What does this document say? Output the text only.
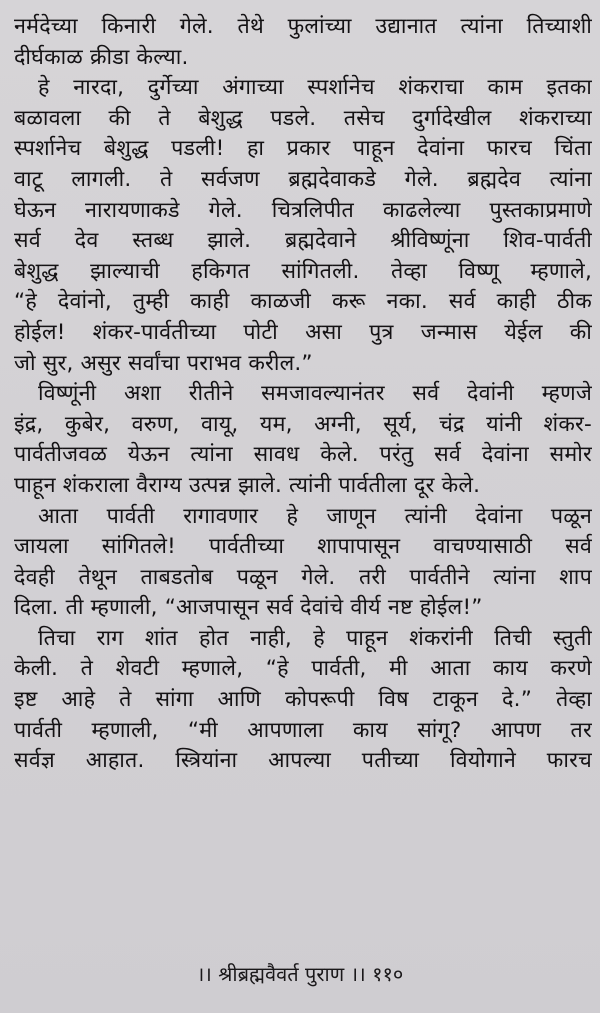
नर्मदेच्या किनारी गेले. तेथे फुलांच्या उद्यानात त्यांना तिच्याशी
दीर्घकाळ क्रीडा केल्या.
हे नारदा, दुर्गेच्या अंगाच्या स्पर्शानेच शंकराचा काम इतका
बळावला की ते बेशुद्ध पडले. तसेच दुर्गादेखील शंकराच्या
स्पर्शानेच बेशुद्ध पडली! हा प्रकार पाहून देवांना फारच चिंता
वाटू लागली. ते सर्वजण ब्रह्मदेवाकडे गेले. ब्रह्मदेव त्यांना
घेऊन नारायणाकडे गेले. चित्रलिपीत काढलेल्या पुस्तकाप्रमाणे
सर्व देव स्तब्ध झाले. ब्रह्मदेवाने श्रीविष्णूंना शिव-पार्वती
बेशुद्ध झाल्याची हकिगत सांगितली. तेव्हा विष्णू म्हणाले,
“हे देवांनो, तुम्ही काही काळजी करू नका. सर्व काही ठीक
होईल! शंकर-पार्वतीच्या पोटी असा पुत्र जन्मास येईल की
जो सुर, असुर सर्वांचा पराभव करील.”
विष्णूंनी अशा रीतीने समजावल्यानंतर सर्व देवांनी म्हणजे
इंद्र, कुबेर, वरुण, वायू, यम, अग्नी, सूर्य, चंद्र यांनी शंकर-
पार्वतीजवळ येऊन त्यांना सावध केले. परंतु सर्व देवांना समोर
पाहून शंकराला वैराग्य उत्पन्न झाले. त्यांनी पार्वतीला दूर केले.
आता पार्वती रागावणार हे जाणून त्यांनी देवांना पळून
जायला सांगितले! पार्वतीच्या शापापासून वाचण्यासाठी सर्व
देवही तेथून ताबडतोब पळून गेले. तरी पार्वतीने त्यांना शाप
दिला. ती म्हणाली, “आजपासून सर्व देवांचे वीर्य नष्ट होईल!”
तिचा राग शांत होत नाही, हे पाहून शंकरांनी तिची स्तुती
केली. ते शेवटी म्हणाले, “हे पार्वती, मी आता काय करणे
इष्ट आहे ते सांगा आणि कोपरूपी विष टाकून दे.” तेव्हा
पार्वती म्हणाली, “मी आपणाला काय सांगू? आपण तर
सर्वज्ञ आहात. स्त्रियांना आपल्या पतीच्या वियोगाने फारच
।। श्रीब्रह्मवैवर्त पुराण ।। ११०
